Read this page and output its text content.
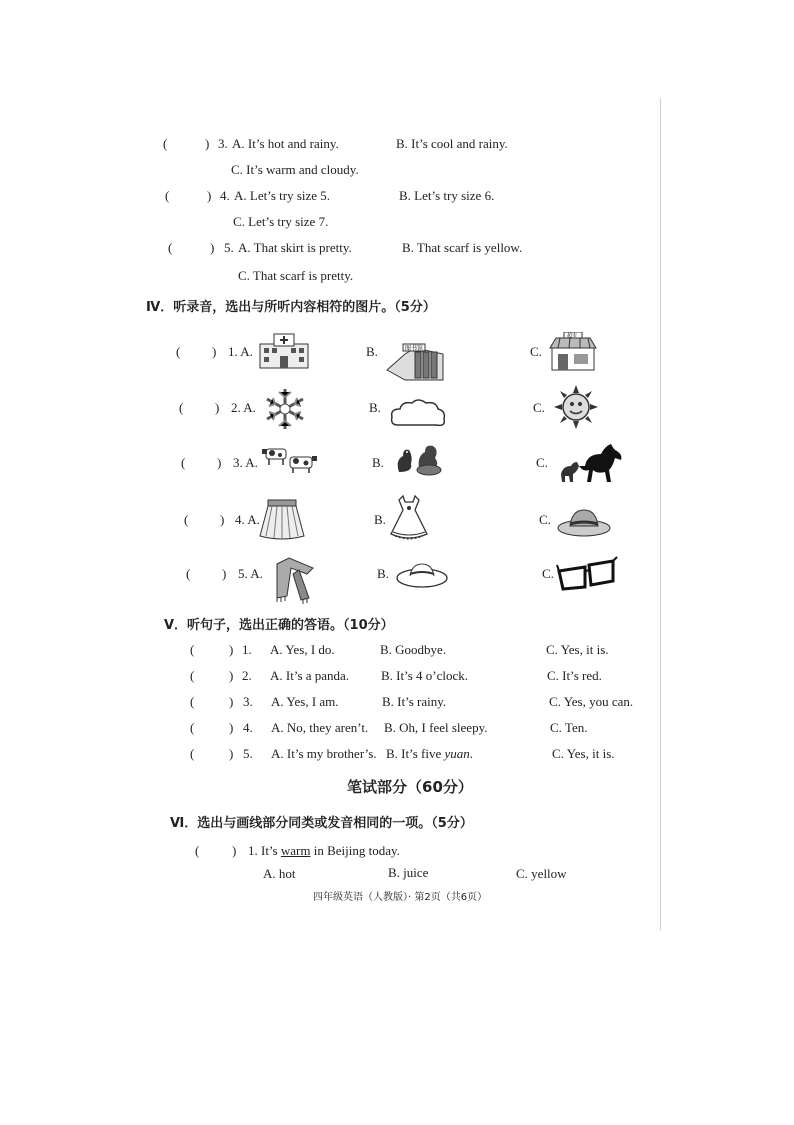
(	) 3. A. It’s hot and rainy.	B. It’s cool and rainy.
C. It’s warm and cloudy.
(	) 4. A. Let’s try size 5.	B. Let’s try size 6.
C. Let’s try size 7.
(	) 5. A. That skirt is pretty.	B. That scarf is yellow.
C. That scarf is pretty.
Ⅳ．听录音，选出与所听内容相符的图片。（5分）
( ) 1. A.	B.	C.
图书馆
超市
( ) 2. A.	B.	C.
( ) 3. A.	B.	C.
( ) 4. A.	B.	C.
( ) 5. A.	B.	C.
Ⅴ．听句子，选出正确的答语。（10分）
(	) 1. A. Yes, I do.	B. Goodbye.	C. Yes, it is.
(	) 2. A. It’s a panda. B. It’s 4 o’clock.	C. It’s red.
(	) 3. A. Yes, I am.	B. It’s rainy.	C. Yes, you can.
(	) 4. A. No, they aren’t. B. Oh, I feel sleepy.	C. Ten.
(	) 5. A. It’s my brother’s. B. It’s five yuan.	C. Yes, it is.
笔试部分（60分）
Ⅵ．选出与画线部分同类或发音相同的一项。（5分）
(	) 1. It’s warm in Beijing today.
A. hot	B. juice	C. yellow
四年级英语（人教版）· 第2页（共6页）
